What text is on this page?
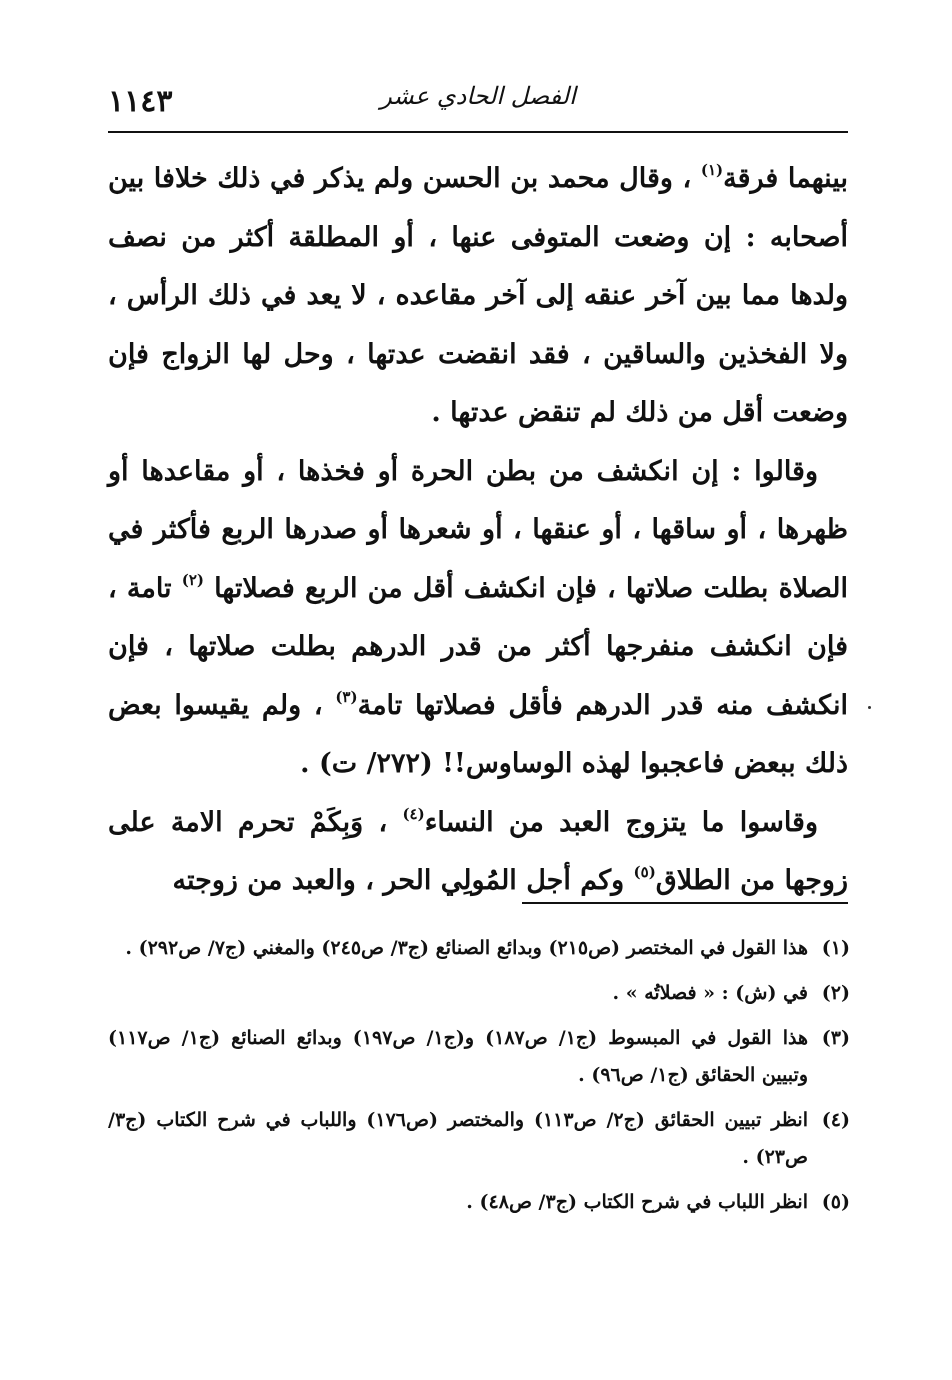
١١٤٣	الفصل الحادي عشر

بينهما فرقة$^{(١)}$ ، وقال محمد بن الحسن ولم يذكر في ذلك خلافا بين أصحابه : إن وضعت المتوفى عنها ، أو المطلقة أكثر من نصف ولدها مما بين آخر عنقه إلى آخر مقاعده ، لا يعد في ذلك الرأس ، ولا الفخذين والساقين ، فقد انقضت عدتها ، وحل لها الزواج فإن وضعت أقل من ذلك لم تنقض عدتها .

وقالوا : إن انكشف من بطن الحرة أو فخذها ، أو مقاعدها أو ظهرها ، أو ساقها ، أو عنقها ، أو شعرها أو صدرها الربع فأكثر في الصلاة بطلت صلاتها ، فإن انكشف أقل من الربع فصلاتها $^{(٢)}$ تامة ، فإن انكشف منفرجها أكثر من قدر الدرهم بطلت صلاتها ، فإن انكشف منه قدر الدرهم فأقل فصلاتها تامة$^{(٣)}$ ، ولم يقيسوا بعض ذلك ببعض فاعجبوا لهذه الوساوس!! (٢٧٢/ ت) .

وقاسوا ما يتزوج العبد من النساء$^{(٤)}$ ، وَبِكَمْ تحرم الامة على زوجها من الطلاق$^{(٥)}$ وكم أجل المُولِي الحر ، والعبد من زوجته

(١)
هذا القول في المختصر (ص٢١٥) وبدائع الصنائع (ج٣/ ص٢٤٥) والمغني (ج٧/ ص٢٩٢) .
(٢)
في (ش) : « فصلاتُه » .
(٣)
هذا القول في المبسوط (ج١/ ص١٨٧) و(ج١/ ص١٩٧) وبدائع الصنائع (ج١/ ص١١٧) وتبيين الحقائق (ج١/ ص٩٦) .
(٤)
انظر تبيين الحقائق (ج٢/ ص١١٣) والمختصر (ص١٧٦) واللباب في شرح الكتاب (ج٣/ ص٢٣) .
(٥)
انظر اللباب في شرح الكتاب (ج٣/ ص٤٨) .
